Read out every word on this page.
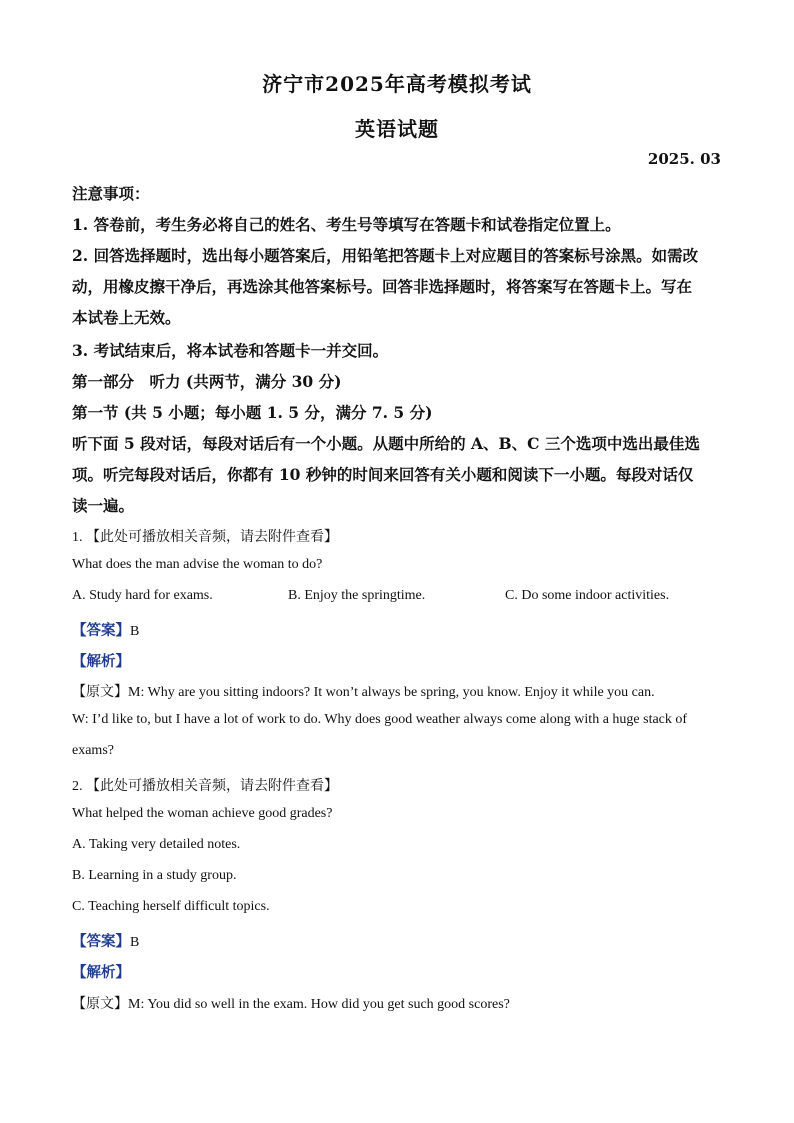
济宁市2025年高考模拟考试
英语试题
2025. 03
注意事项：
1. 答卷前，考生务必将自己的姓名、考生号等填写在答题卡和试卷指定位置上。
2. 回答选择题时，选出每小题答案后，用铅笔把答题卡上对应题目的答案标号涂黑。如需改
动，用橡皮擦干净后，再选涂其他答案标号。回答非选择题时，将答案写在答题卡上。写在
本试卷上无效。
3. 考试结束后，将本试卷和答题卡一并交回。
第一部分　听力 (共两节，满分 30 分)
第一节 (共 5 小题；每小题 1. 5 分，满分 7. 5 分)
听下面 5 段对话，每段对话后有一个小题。从题中所给的 A、B、C 三个选项中选出最佳选
项。听完每段对话后，你都有 10 秒钟的时间来回答有关小题和阅读下一小题。每段对话仅
读一遍。
1. 【此处可播放相关音频，请去附件查看】
What does the man advise the woman to do?
A. Study hard for exams.	B. Enjoy the springtime.	C. Do some indoor activities.
【答案】B
【解析】
【原文】M: Why are you sitting indoors? It won’t always be spring, you know. Enjoy it while you can.
W: I’d like to, but I have a lot of work to do. Why does good weather always come along with a huge stack of
exams?
2. 【此处可播放相关音频，请去附件查看】
What helped the woman achieve good grades?
A. Taking very detailed notes.
B. Learning in a study group.
C. Teaching herself difficult topics.
【答案】B
【解析】
【原文】M: You did so well in the exam. How did you get such good scores?
